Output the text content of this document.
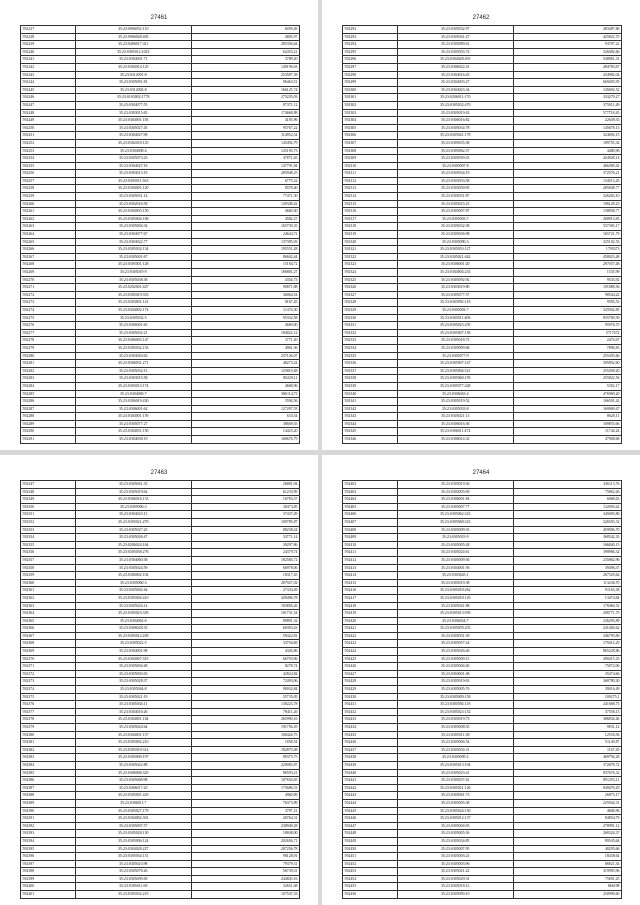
27461
592237	35:23:0906052:110	6059,49
592238	35:23:0906028:405	4805,97
592239	35:23:0406017:411	285356,64
592240	35:23:0405012:1023	62453,21
592241	35:23:0304001:71	3789,20
592242	35:23:0304014:125	149196,63
592243	35:23:0312001:8	253587,58
592244	35:23:0305091:81	96463,51
592245	35:23:0312002:8	166125,74
592246	35:23:0103002:1778	275235,03
592247	35:23:0304077:55	87371,12
592248	35:23:0303015:65	174668,88
592249	35:23:0304001:183	4185,96
592250	35:23:0305027:45	95767,22
592251	35:23:0304027:98	114952,54
592252	35:23:0302018:125	145492,79
592253	35:23:0304008:4	125193,73
592254	35:23:0305073:23	47871,65
592255	35:23:0304027:18	147791,84
592256	35:23:0303013:19	285948,25
592257	35:23:0305011:363	6775,22
592258	35:23:0304001:120	8578,40
592259	35:23:0305031:14	77471,30
592260	35:23:0302016:58	149348,42
592261	35:23:0304005:150	4660,30
592262	35:23:0305004:168	4582,27
592263	35:23:0305004:34	165739,35
592264	35:23:0304077:67	24644,72
592265	35:23:0304022:77	137395,03
592266	35:23:0305032:134	195551,28
592267	35:23:0305001:67	86602,44
592268	35:23:0305001:128	15184,72
592269	35:23:0305019:9	186801,27
592270	35:23:0305038:38	4354,73
592271	35:23:0202001:447	90871,88
592272	35:23:0305019:353	36064,54
592273	35:23:0203001:141	8167,45
592274	35:23:0304002:174	11474,30
592275	35:23:0305032:5	95332,58
592276	35:23:0306001:65	4669,00
592277	35:23:0305032:21	184022,12
592278	35:23:0306003:147	3771,20
592279	35:23:0305032:153	4961,36
592280	35:23:0303020:63	237126,07
592281	35:23:0306031:271	48273,24
592282	35:23:0305032:13	125819,48
592283	35:23:0303015:58	80229,11
592284	35:23:0303013:174	4668,96
592285	35:23:0304069:7	386114,73
592286	35:23:0306019:430	5594,56
592287	35:23:0306001:62	127297,53
592288	35:23:0304001:159	633,54
592289	35:23:0305077:27	38669,35
592290	35:23:0304031:150	14425,20
592291	35:23:0304038:19	160676,79
27462
592292	35:23:0305032:97	483487,86
592293	35:23:0305041:27	425822,70
592294	35:23:0305089:41	93787,22
592295	35:23:0305033:74	326082,66
592296	35:23:0304028:491	548961,31
592297	35:23:0306022:41	484783,67
592298	35:23:0304016:45	434982,04
592299	35:23:0304003:27	669403,95
592300	35:23:0304023:34	145692,52
592301	35:23:0206011:170	333279,27
592302	35:23:0305032:470	375011,49
592303	35:23:0305019:43	577718,45
592304	35:23:0306016:82	22649,35
592305	35:23:0305034:78	145678,13
592306	35:23:0305041:178	324694,15
592307	35:23:0305035:38	189755,34
592308	35:23:0305062:37	4480,96
592309	35:23:0305039:25	424928,14
592310	35:23:0305007:8	466390,42
592311	35:23:0305034:19	372576,21
592312	35:23:0303033:38	134513,45
592313	35:23:0303030:95	285848,77
592314	35:23:0305031:87	326263,10
592315	35:23:0305023:23	196128,25
592316	35:23:0305007:87	138838,77
592317	35:23:0305003:7	268913,83
592318	35:23:0305032:38	537365,17
592319	35:23:0305036:98	165721,79
592320	35:23:0305090:3	325102,53
592321	35:23:0305033:127	1795373
592322	35:23:0305021:442	458023,48
592323	35:23:0306001:20	297037,48
592324	35:23:0304004:233	1535,99
592325	35:23:0305092:92	9533,92
592326	35:23:0303019:80	191888,36
592327	35:23:0305077:57	98544,22
592328	35:23:0305092:118	9595,53
592329	35:23:0305002:7	325942,85
592330	35:23:0305011:406	855769,39
592331	35:23:0305023:259	95976,70
592332	35:23:0305007:158	5717472
592333	35:23:0305018:72	2474,67
592334	35:23:0305009:68	7896,83
592335	35:23:0305077:9	255455,66
592336	35:23:0305007:147	395852,60
592337	35:23:0305004:521	255458,20
592338	35:23:0305060:159	255822,56
592339	35:23:0305077:428	5352,17
592340	35:23:0306043:4	476969,20
592341	35:23:0305019:52	166501,42
592342	35:23:0305033:8	169069,47
592343	35:23:0305021:13	8620,11
592344	35:23:0306016:36	169853,66
592345	35:23:0306011:474	11744,24
592346	35:23:0306014:32	47968,68
27463
592347	35:23:0305041:35	26881,94
592348	35:23:0305019:64	61233,99
592349	35:23:0306016:133	16783,37
592350	35:23:0305006:3	30473,85
592351	35:23:0304023:15	37437,49
592352	35:23:0305021:270	100785,87
592353	35:23:0305027:23	88238,24
592354	35:23:0305026:47	33771,14
592355	35:23:0206024:164	39297,86
592356	35:23:0305058:276	24379,74
592357	35:23:0304060:38	182584,72
592358	35:23:0305024:59	66978,06
592359	35:23:0306002:102	18317,45
592360	35:23:0305060:3	287927,02
592361	35:23:0305002:44	27434,49
592362	35:23:0305004:410	439496,78
592363	35:23:0305024:14	183856,26
592364	35:23:0305023:339	101731,54
592365	35:23:0304062:6	89891,32
592366	35:23:0306028:35	60393,43
592367	35:23:0305012:458	59422,81
592368	35:23:0305022:5	33704,69
592369	35:23:0304001:98	4326,86
592370	35:23:0304007:319	66793,96
592371	35:23:0305004:48	8278,74
592372	35:23:0305003:63	42824,84
592373	35:23:0305028:37	72493,06
592374	35:23:0305044:8	90032,84
592375	35:23:0305021:19	55735,05
592376	35:23:0305034:11	130223,78
592377	35:23:0304016:26	78411,26
592378	35:23:0304001:184	265990,16
592379	35:23:0305024:64	191756,29
592380	35:23:0304001:157	168424,75
592381	35:23:0305002:210	1858,54
592382	35:23:0305019:314	182870,08
592383	35:23:0305009:197	89375,75
592384	35:23:0305022:88	229083,87
592385	35:23:0306006:325	86593,21
592386	35:23:0305068:98	107654,65
592387	35:23:0306017:25	175686,53
592388	35:23:0305001:429	4960,09
592389	35:23:0306011:7	76373,89
592390	35:23:0305027:179	3797,21
592391	35:23:0304002:301	26764,31
592392	35:23:0305007:57	238949,28
592393	35:23:0305028:130	18848,00
592394	35:23:0305006:124	202656,71
592395	35:23:0304028:227	207256,78
592396	35:23:0305034:151	98128,91
592397	35:23:0305023:98	79379,31
592398	35:23:0305076:26	56739,31
592399	35:23:0305009:49	244845,16
592400	35:23:0305011:68	32651,68
592401	35:23:0305032:219	107547,53
27464
592402	35:23:0305019:36	336115,76
592403	35:23:0302003:69	75862,26
592404	35:23:0306001:84	6068,63
592405	35:23:0305007:77	132050,42
592406	35:23:0305062:323	345693,86
592407	35:23:0305068:323	326503,32
592408	35:23:0305009:35	459906,70
592409	35:23:0305019:9	368542,35
592410	35:23:0305005:28	166840,15
592411	35:23:0305024:61	398966,32
592412	35:23:0305009:56	235862,96
592413	35:23:0304001:56	39496,37
592414	35:23:0303045:1	267525,62
592415	35:23:0305019:38	113236,70
592416	35:23:0305018:262	91163,38
592417	35:23:0305018:129	13474,84
592418	35:23:0305041:88	178460,52
592419	35:23:0305013:939	208771,79
592420	35:23:0306024:7	236293,89
592421	35:23:0305059:253	241404,62
592422	35:23:0305031:39	346795,69
592423	35:23:0305057:24	179414,29
592424	35:23:0305026:46	865228,86
592425	35:23:0305009:15	490415,35
592426	35:23:0305004:40	75072,06
592427	35:23:0304001:48	35474,66
592428	35:23:0305019:63	368780,30
592429	35:23:0305005:76	39016,49
592430	35:23:0305009:158	109275,1
592431	35:23:0305004:118	241668,75
592432	35:23:0305023:152	37558,13
592433	35:23:0305019:73	386834,46
592434	35:23:0305008:35	9831,12
592435	35:23:0305011:38	12550,56
592436	35:23:0305004:54	51149,87
592437	35:23:0305054:31	1167,45
592438	35:23:0305009:2	469794,28
592439	35:23:0305013:194	372878,72
592440	35:23:0305023:41	837676,32
592441	35:23:0305037:61	891255,11
592442	35:23:0305021:126	849476,29
592443	35:23:0305061:73	26875,17
592444	35:23:0305005:38	225944,31
592445	35:23:0305024:150	4606,96
592446	35:23:0305012:137	84854,79
592447	35:23:0305004:93	278991,12
592448	35:23:0305005:56	268324,37
592449	35:23:0305034:85	89545,64
592450	35:23:0305007:95	48295,66
592451	35:23:0305003:23	18438,64
592452	35:23:0305003:96	86821,34
592453	35:23:0305021:22	319905,96
592454	35:23:0305029:31	75691,25
592455	35:23:0305018:12	866198
592456	35:23:0305090:10	250990,60
